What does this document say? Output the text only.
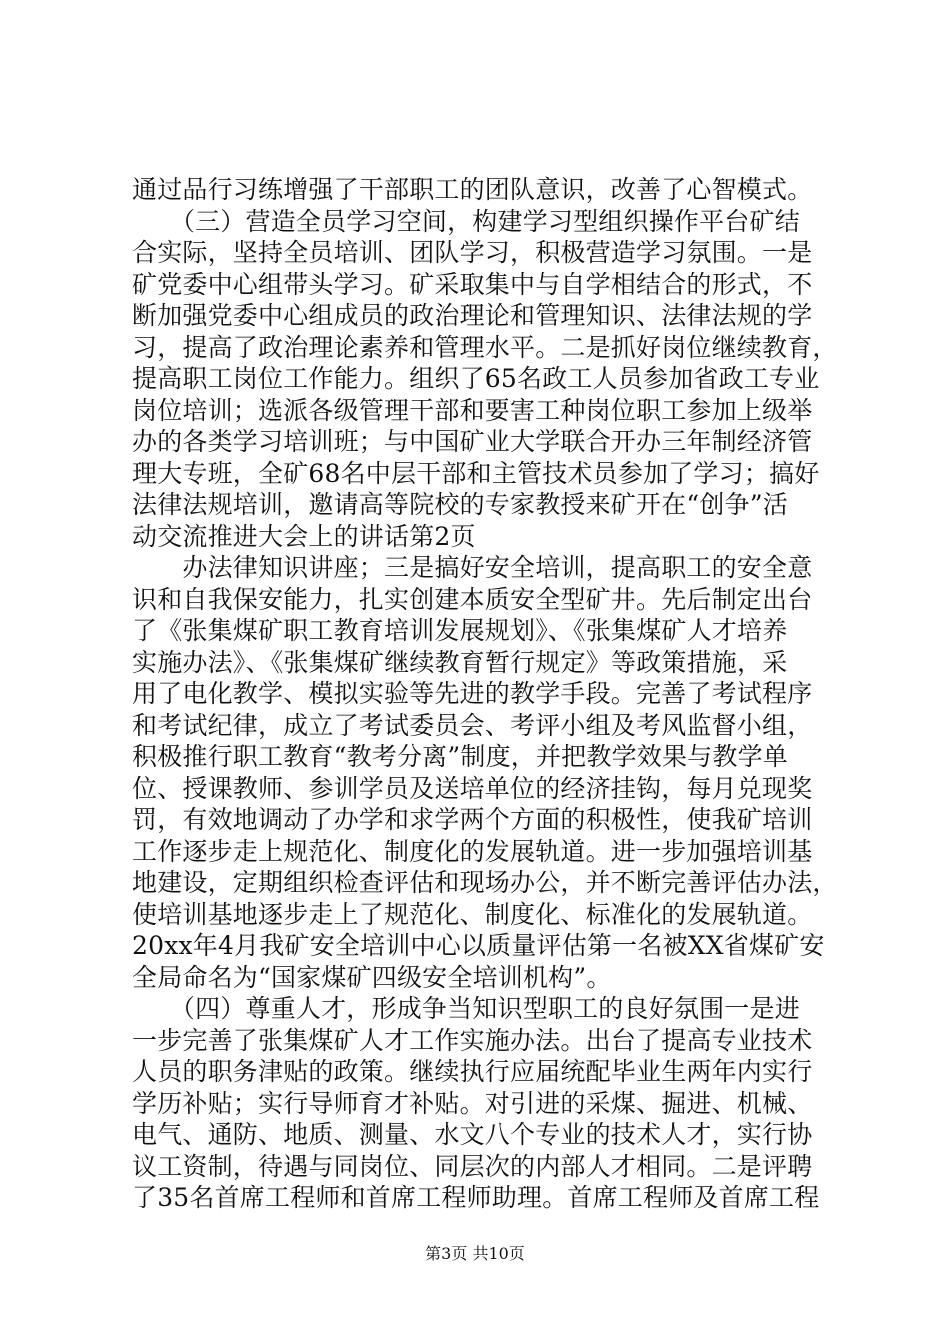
通过品行习练增强了干部职工的团队意识，改善了心智模式。
　　（三）营造全员学习空间，构建学习型组织操作平台矿结
合实际，坚持全员培训、团队学习，积极营造学习氛围。一是
矿党委中心组带头学习。矿采取集中与自学相结合的形式，不
断加强党委中心组成员的政治理论和管理知识、法律法规的学
习，提高了政治理论素养和管理水平。二是抓好岗位继续教育，
提高职工岗位工作能力。组织了65名政工人员参加省政工专业
岗位培训；选派各级管理干部和要害工种岗位职工参加上级举
办的各类学习培训班；与中国矿业大学联合开办三年制经济管
理大专班，全矿68名中层干部和主管技术员参加了学习；搞好
法律法规培训，邀请高等院校的专家教授来矿开在“创争”活
动交流推进大会上的讲话第2页
　　办法律知识讲座；三是搞好安全培训，提高职工的安全意
识和自我保安能力，扎实创建本质安全型矿井。先后制定出台
了《张集煤矿职工教育培训发展规划》、《张集煤矿人才培养
实施办法》、《张集煤矿继续教育暂行规定》等政策措施，采
用了电化教学、模拟实验等先进的教学手段。完善了考试程序
和考试纪律，成立了考试委员会、考评小组及考风监督小组，
积极推行职工教育“教考分离”制度，并把教学效果与教学单
位、授课教师、参训学员及送培单位的经济挂钩，每月兑现奖
罚，有效地调动了办学和求学两个方面的积极性，使我矿培训
工作逐步走上规范化、制度化的发展轨道。进一步加强培训基
地建设，定期组织检查评估和现场办公，并不断完善评估办法，
使培训基地逐步走上了规范化、制度化、标准化的发展轨道。
20xx年4月我矿安全培训中心以质量评估第一名被XX省煤矿安
全局命名为“国家煤矿四级安全培训机构”。
　　（四）尊重人才，形成争当知识型职工的良好氛围一是进
一步完善了张集煤矿人才工作实施办法。出台了提高专业技术
人员的职务津贴的政策。继续执行应届统配毕业生两年内实行
学历补贴；实行导师育才补贴。对引进的采煤、掘进、机械、
电气、通防、地质、测量、水文八个专业的技术人才，实行协
议工资制，待遇与同岗位、同层次的内部人才相同。二是评聘
了35名首席工程师和首席工程师助理。首席工程师及首席工程
第3页 共10页
